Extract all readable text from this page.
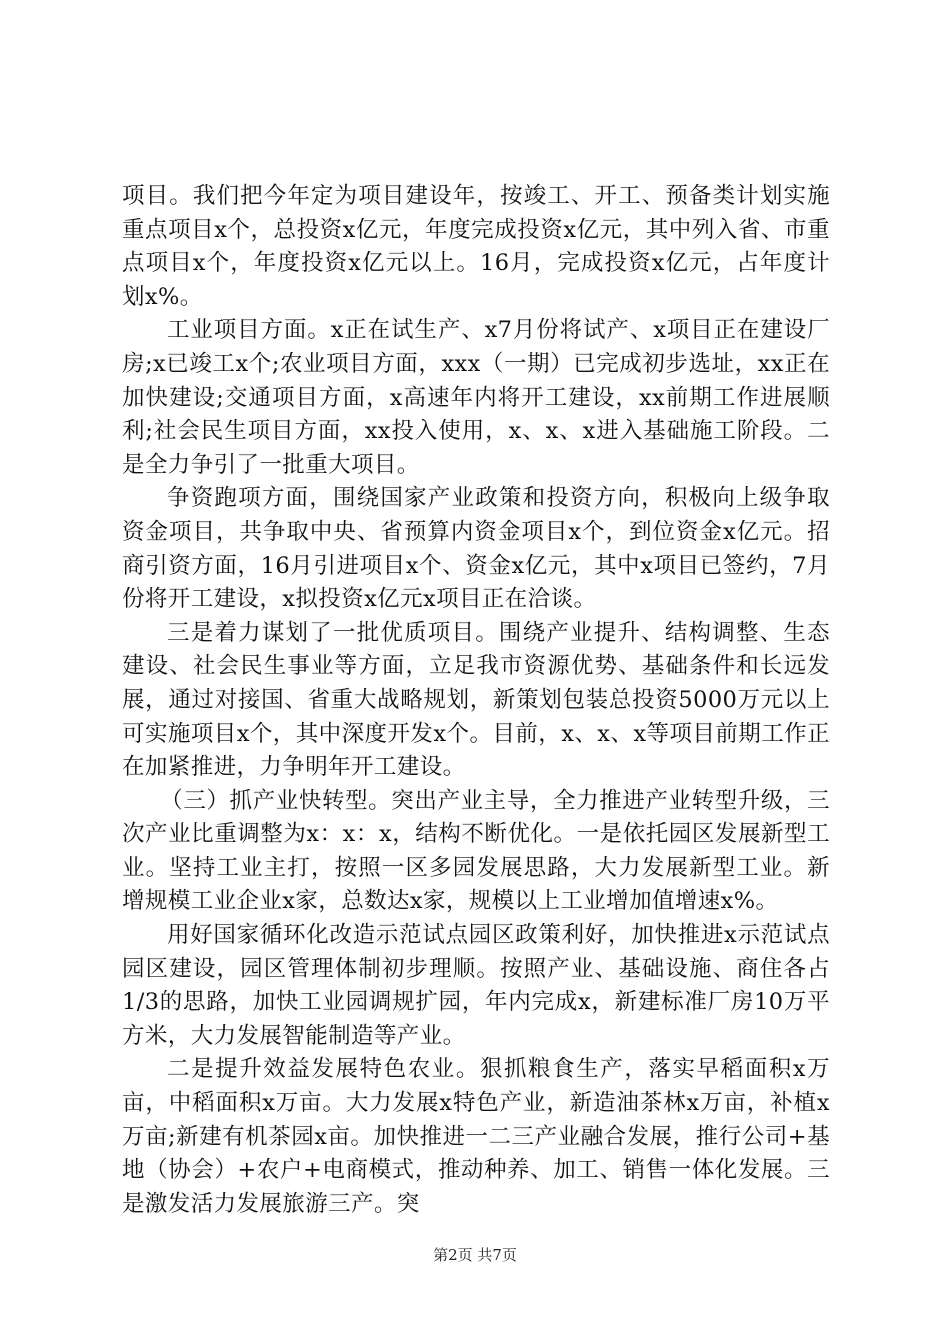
项目。我们把今年定为项目建设年，按竣工、开工、预备类计划实施重点项目x个，总投资x亿元，年度完成投资x亿元，其中列入省、市重点项目x个，年度投资x亿元以上。16月，完成投资x亿元，占年度计划x%。

工业项目方面。x正在试生产、x7月份将试产、x项目正在建设厂房;x已竣工x个;农业项目方面，xxx（一期）已完成初步选址，xx正在加快建设;交通项目方面，x高速年内将开工建设，xx前期工作进展顺利;社会民生项目方面，xx投入使用，x、x、x进入基础施工阶段。二是全力争引了一批重大项目。

争资跑项方面，围绕国家产业政策和投资方向，积极向上级争取资金项目，共争取中央、省预算内资金项目x个，到位资金x亿元。招商引资方面，16月引进项目x个、资金x亿元，其中x项目已签约，7月份将开工建设，x拟投资x亿元x项目正在洽谈。

三是着力谋划了一批优质项目。围绕产业提升、结构调整、生态建设、社会民生事业等方面，立足我市资源优势、基础条件和长远发展，通过对接国、省重大战略规划，新策划包装总投资5000万元以上可实施项目x个，其中深度开发x个。目前，x、x、x等项目前期工作正在加紧推进，力争明年开工建设。

（三）抓产业快转型。突出产业主导，全力推进产业转型升级，三次产业比重调整为x：x：x，结构不断优化。一是依托园区发展新型工业。坚持工业主打，按照一区多园发展思路，大力发展新型工业。新增规模工业企业x家，总数达x家，规模以上工业增加值增速x%。

用好国家循环化改造示范试点园区政策利好，加快推进x示范试点园区建设，园区管理体制初步理顺。按照产业、基础设施、商住各占1/3的思路，加快工业园调规扩园，年内完成x，新建标准厂房10万平方米，大力发展智能制造等产业。

二是提升效益发展特色农业。狠抓粮食生产，落实早稻面积x万亩，中稻面积x万亩。大力发展x特色产业，新造油茶林x万亩，补植x万亩;新建有机茶园x亩。加快推进一二三产业融合发展，推行公司+基地（协会）+农户+电商模式，推动种养、加工、销售一体化发展。三是激发活力发展旅游三产。突

第2页 共7页
